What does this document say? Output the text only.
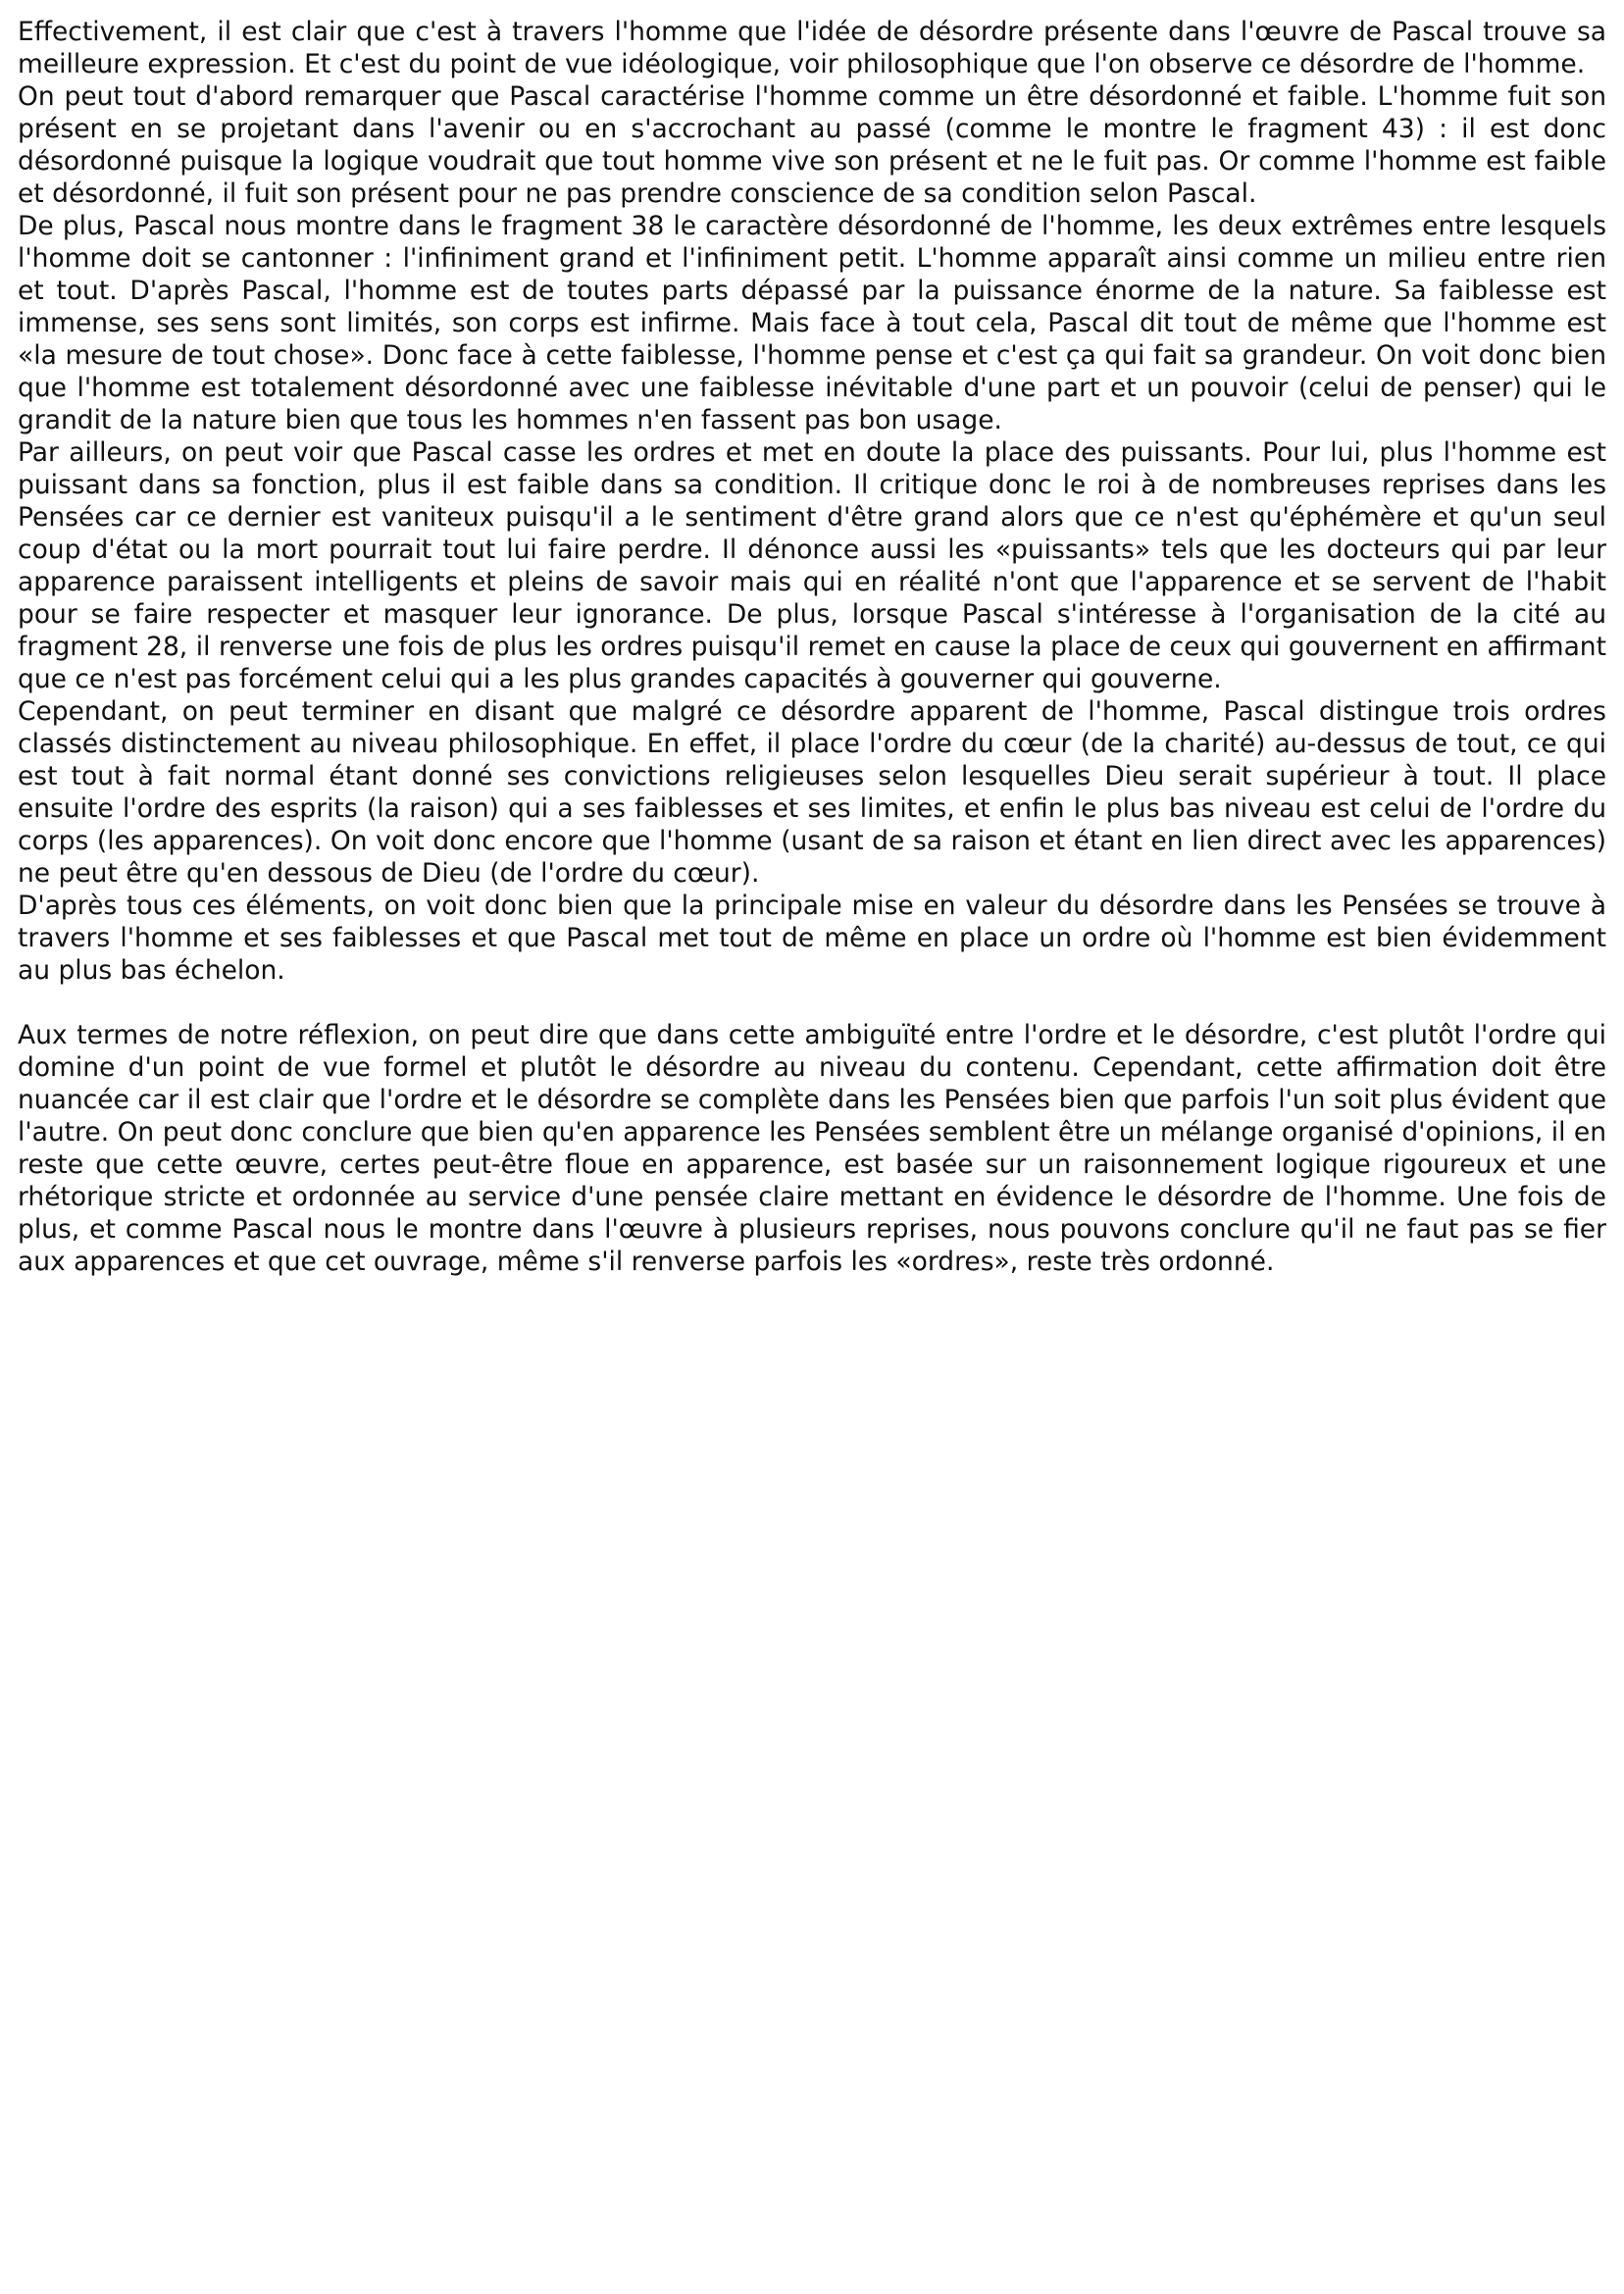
Effectivement, il est clair que c'est à travers l'homme que l'idée de désordre présente dans l'œuvre de Pascal trouve sa meilleure expression. Et c'est du point de vue idéologique, voir philosophique que l'on observe ce désordre de l'homme.

On peut tout d'abord remarquer que Pascal caractérise l'homme comme un être désordonné et faible. L'homme fuit son présent en se projetant dans l'avenir ou en s'accrochant au passé (comme le montre le fragment 43) : il est donc désordonné puisque la logique voudrait que tout homme vive son présent et ne le fuit pas. Or comme l'homme est faible et désordonné, il fuit son présent pour ne pas prendre conscience de sa condition selon Pascal.

De plus, Pascal nous montre dans le fragment 38 le caractère désordonné de l'homme, les deux extrêmes entre lesquels l'homme doit se cantonner : l'infiniment grand et l'infiniment petit. L'homme apparaît ainsi comme un milieu entre rien et tout. D'après Pascal, l'homme est de toutes parts dépassé par la puissance énorme de la nature. Sa faiblesse est immense, ses sens sont limités, son corps est infirme. Mais face à tout cela, Pascal dit tout de même que l'homme est «la mesure de tout chose». Donc face à cette faiblesse, l'homme pense et c'est ça qui fait sa grandeur. On voit donc bien que l'homme est totalement désordonné avec une faiblesse inévitable d'une part et un pouvoir (celui de penser) qui le grandit de la nature bien que tous les hommes n'en fassent pas bon usage.

Par ailleurs, on peut voir que Pascal casse les ordres et met en doute la place des puissants. Pour lui, plus l'homme est puissant dans sa fonction, plus il est faible dans sa condition. Il critique donc le roi à de nombreuses reprises dans les Pensées car ce dernier est vaniteux puisqu'il a le sentiment d'être grand alors que ce n'est qu'éphémère et qu'un seul coup d'état ou la mort pourrait tout lui faire perdre. Il dénonce aussi les «puissants» tels que les docteurs qui par leur apparence paraissent intelligents et pleins de savoir mais qui en réalité n'ont que l'apparence et se servent de l'habit pour se faire respecter et masquer leur ignorance. De plus, lorsque Pascal s'intéresse à l'organisation de la cité au fragment 28, il renverse une fois de plus les ordres puisqu'il remet en cause la place de ceux qui gouvernent en affirmant que ce n'est pas forcément celui qui a les plus grandes capacités à gouverner qui gouverne.

Cependant, on peut terminer en disant que malgré ce désordre apparent de l'homme, Pascal distingue trois ordres classés distinctement au niveau philosophique. En effet, il place l'ordre du cœur (de la charité) au-dessus de tout, ce qui est tout à fait normal étant donné ses convictions religieuses selon lesquelles Dieu serait supérieur à tout. Il place ensuite l'ordre des esprits (la raison) qui a ses faiblesses et ses limites, et enfin le plus bas niveau est celui de l'ordre du corps (les apparences). On voit donc encore que l'homme (usant de sa raison et étant en lien direct avec les apparences) ne peut être qu'en dessous de Dieu (de l'ordre du cœur).

D'après tous ces éléments, on voit donc bien que la principale mise en valeur du désordre dans les Pensées se trouve à travers l'homme et ses faiblesses et que Pascal met tout de même en place un ordre où l'homme est bien évidemment au plus bas échelon.

Aux termes de notre réflexion, on peut dire que dans cette ambiguïté entre l'ordre et le désordre, c'est plutôt l'ordre qui domine d'un point de vue formel et plutôt le désordre au niveau du contenu. Cependant, cette affirmation doit être nuancée car il est clair que l'ordre et le désordre se complète dans les Pensées bien que parfois l'un soit plus évident que l'autre. On peut donc conclure que bien qu'en apparence les Pensées semblent être un mélange organisé d'opinions, il en reste que cette œuvre, certes peut-être floue en apparence, est basée sur un raisonnement logique rigoureux et une rhétorique stricte et ordonnée au service d'une pensée claire mettant en évidence le désordre de l'homme. Une fois de plus, et comme Pascal nous le montre dans l'œuvre à plusieurs reprises, nous pouvons conclure qu'il ne faut pas se fier aux apparences et que cet ouvrage, même s'il renverse parfois les «ordres», reste très ordonné.
